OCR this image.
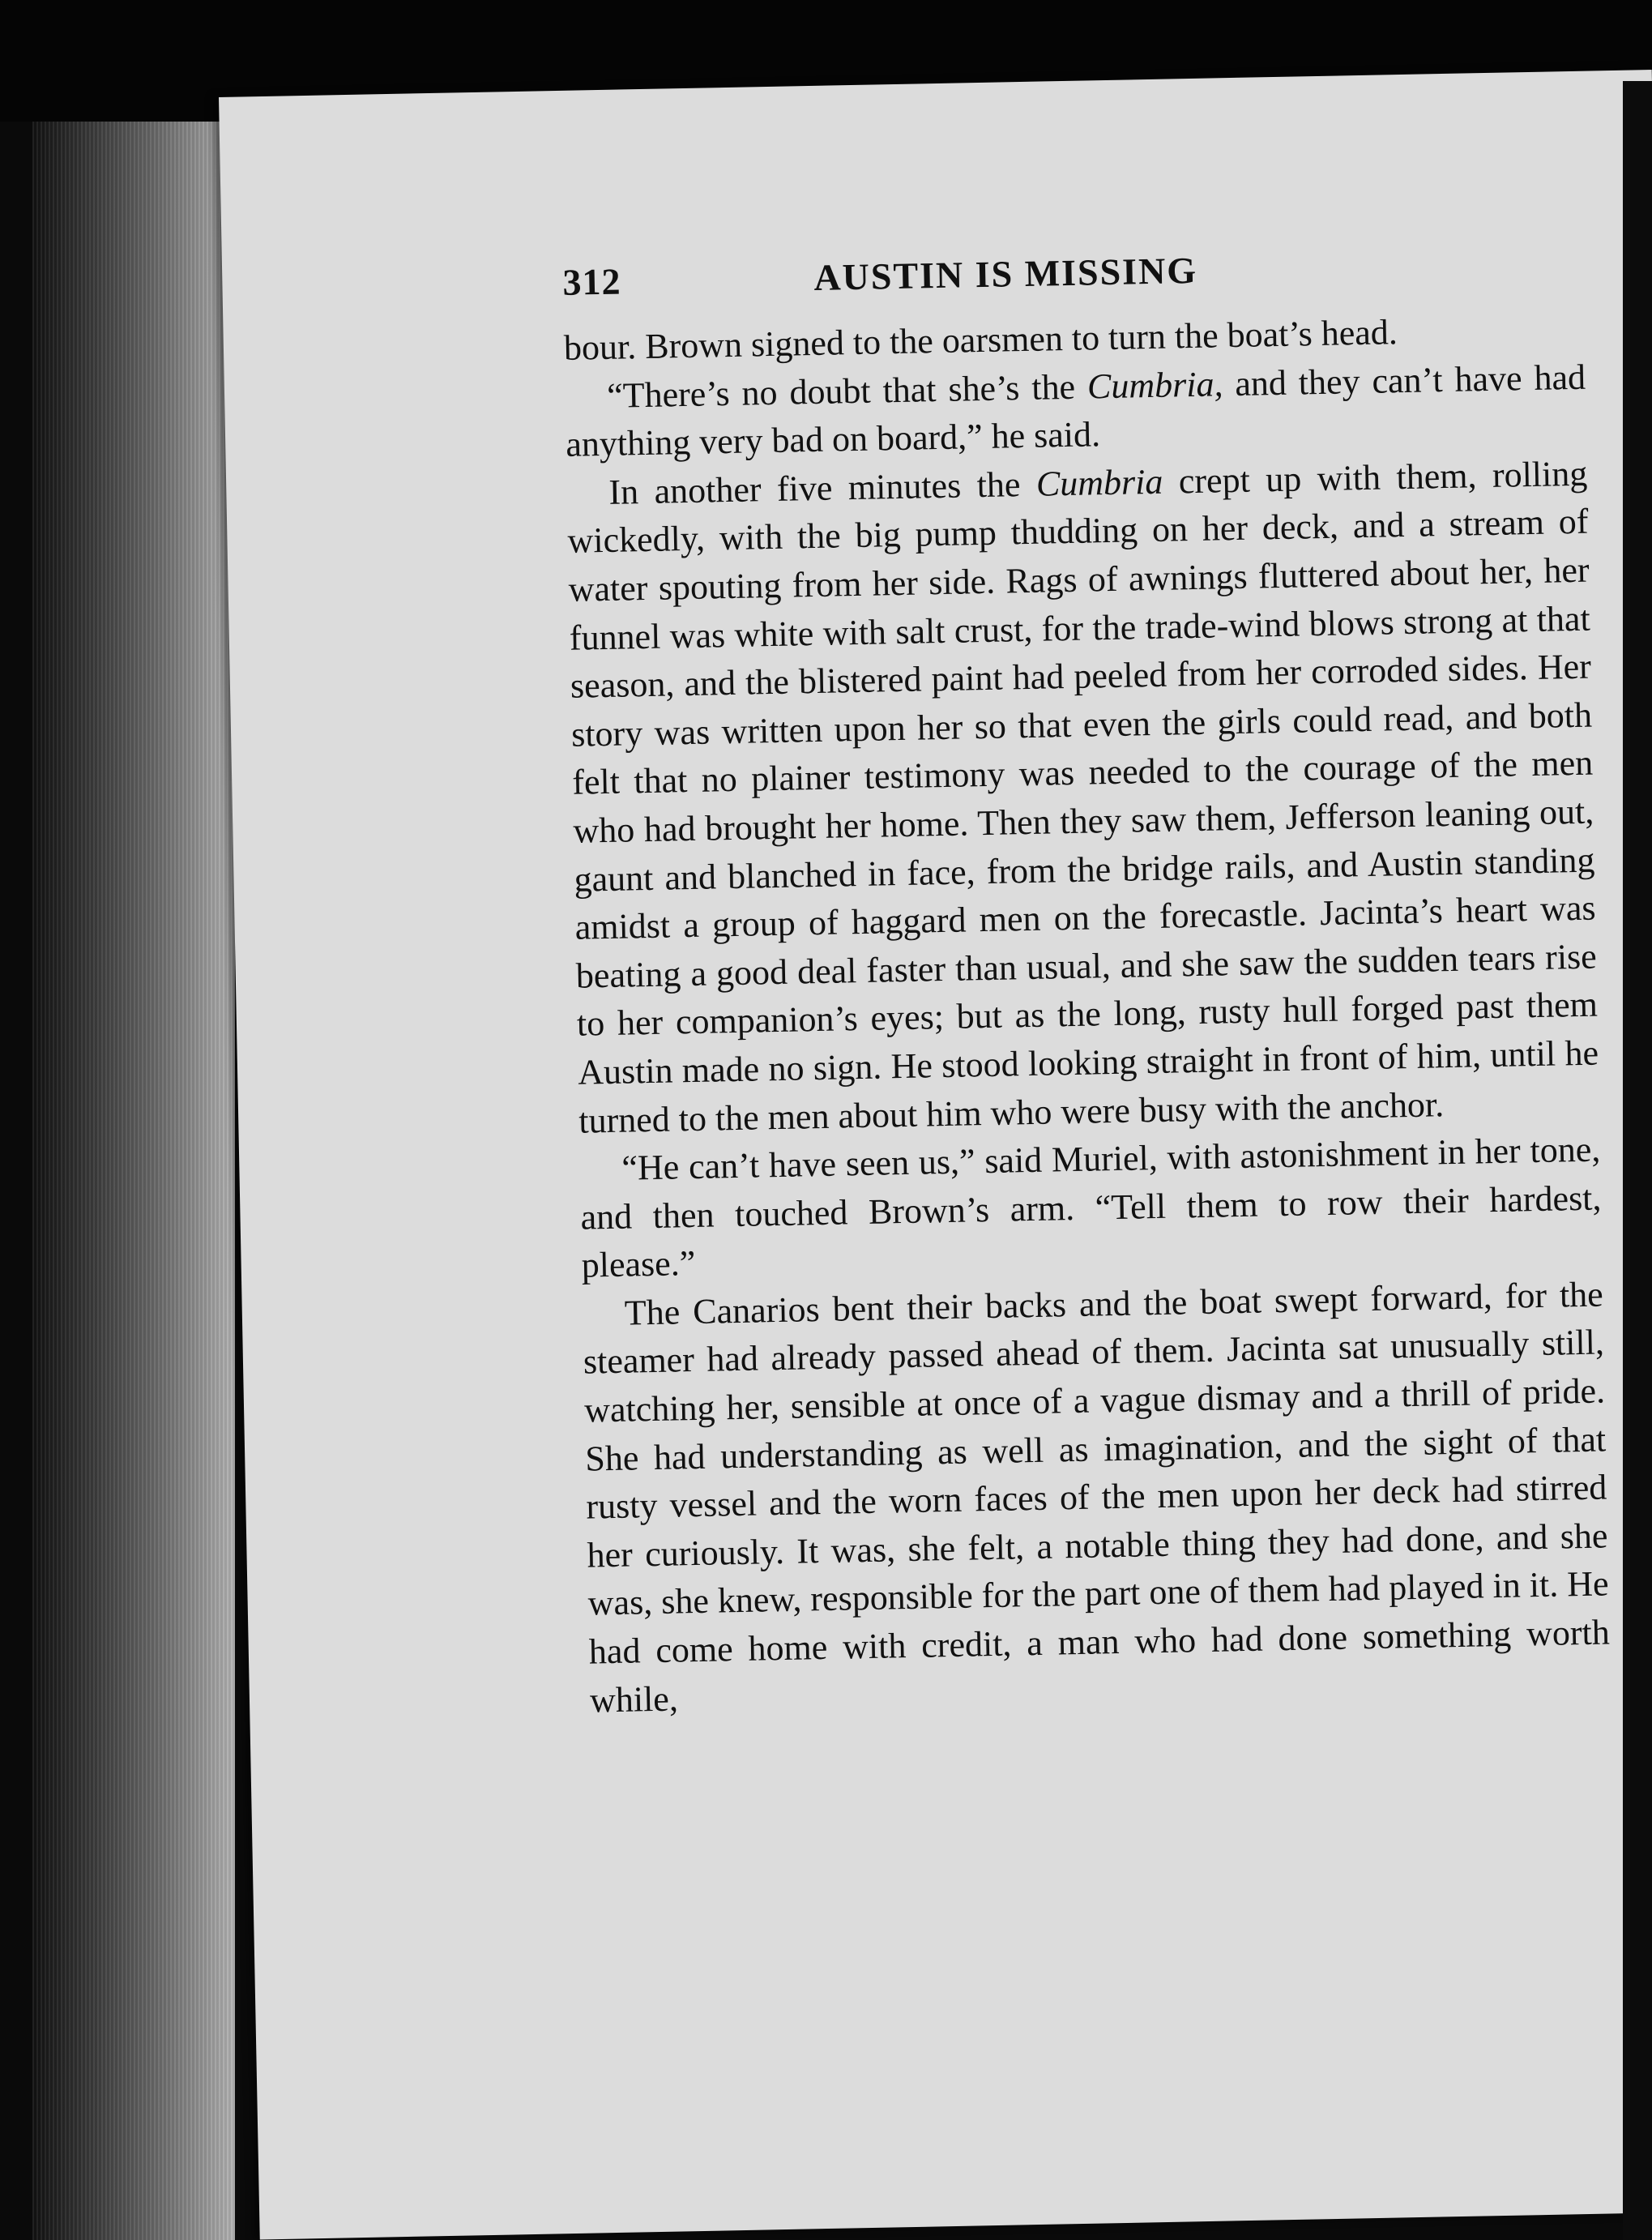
312	AUSTIN IS MISSING

bour. Brown signed to the oarsmen to turn the boat’s head.

“There’s no doubt that she’s the Cumbria, and they can’t have had anything very bad on board,” he said.

In another five minutes the Cumbria crept up with them, rolling wickedly, with the big pump thudding on her deck, and a stream of water spouting from her side. Rags of awnings fluttered about her, her funnel was white with salt crust, for the trade-wind blows strong at that season, and the blistered paint had peeled from her corroded sides. Her story was written upon her so that even the girls could read, and both felt that no plainer testimony was needed to the courage of the men who had brought her home. Then they saw them, Jefferson leaning out, gaunt and blanched in face, from the bridge rails, and Austin standing amidst a group of haggard men on the forecastle. Jacinta’s heart was beating a good deal faster than usual, and she saw the sudden tears rise to her companion’s eyes; but as the long, rusty hull forged past them Austin made no sign. He stood looking straight in front of him, until he turned to the men about him who were busy with the anchor.

“He can’t have seen us,” said Muriel, with astonishment in her tone, and then touched Brown’s arm. “Tell them to row their hardest, please.”

The Canarios bent their backs and the boat swept forward, for the steamer had already passed ahead of them. Jacinta sat unusually still, watching her, sensible at once of a vague dismay and a thrill of pride. She had understanding as well as imagination, and the sight of that rusty vessel and the worn faces of the men upon her deck had stirred her curiously. It was, she felt, a notable thing they had done, and she was, she knew, responsible for the part one of them had played in it. He had come home with credit, a man who had done something worth while,
